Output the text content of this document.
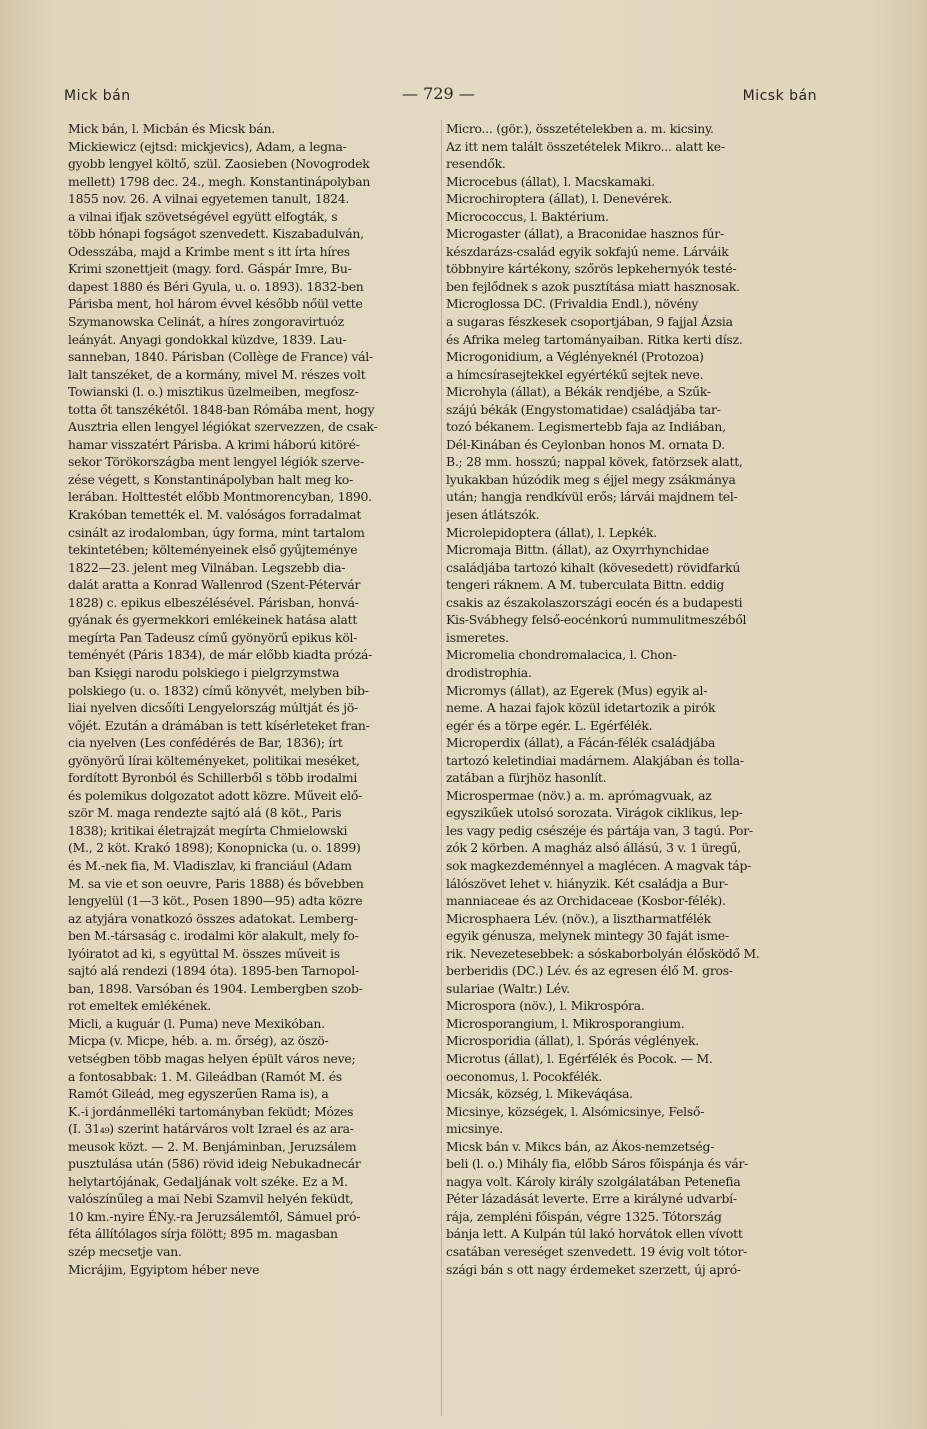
Mick bán	— 729 —	Micsk bán
Mick bán, l. Micbán és Micsk bán.
Mickiewicz (ejtsd: mickjevics), Adam, a legna-
gyobb lengyel költő, szül. Zaosieben (Novogrodek
mellett) 1798 dec. 24., megh. Konstantinápolyban
1855 nov. 26. A vilnai egyetemen tanult, 1824.
a vilnai ifjak szövetségével együtt elfogták, s
több hónapi fogságot szenvedett. Kiszabadulván,
Odesszába, majd a Krimbe ment s itt írta híres
Krimi szonettjeit (magy. ford. Gáspár Imre, Bu-
dapest 1880 és Béri Gyula, u. o. 1893). 1832-ben
Párisba ment, hol három évvel később nőül vette
Szymanowska Celinát, a híres zongoravirtuóz
leányát. Anyagi gondokkal küzdve, 1839. Lau-
sanneban, 1840. Párisban (Collège de France) vál-
lalt tanszéket, de a kormány, mivel M. részes volt
Towianski (l. o.) misztikus üzelmeiben, megfosz-
totta őt tanszékétől. 1848-ban Rómába ment, hogy
Ausztria ellen lengyel légiókat szervezzen, de csak-
hamar visszatért Párisba. A krimi háború kitöré-
sekor Törökországba ment lengyel légiók szerve-
zése végett, s Konstantinápolyban halt meg ko-
lerában. Holttestét előbb Montmorencyban, 1890.
Krakóban temették el. M. valóságos forradalmat
csinált az irodalomban, úgy forma, mint tartalom
tekintetében; költeményeinek első gyűjteménye
1822—23. jelent meg Vilnában. Legszebb dia-
dalát aratta a Konrad Wallenrod (Szent-Pétervár
1828) c. epikus elbeszélésével. Párisban, honvá-
gyának és gyermekkori emlékeinek hatása alatt
megírta Pan Tadeusz című gyönyörű epikus köl-
teményét (Páris 1834), de már előbb kiadta prózá-
ban Księgi narodu polskiego i pielgrzymstwa
polskiego (u. o. 1832) című könyvét, melyben bib-
liai nyelven dicsőíti Lengyelország múltját és jö-
vőjét. Ezután a drámában is tett kísérleteket fran-
cia nyelven (Les confédérés de Bar, 1836); írt
gyönyörű lírai költeményeket, politikai meséket,
fordított Byronból és Schillerből s több irodalmi
és polemikus dolgozatot adott közre. Műveit elő-
ször M. maga rendezte sajtó alá (8 köt., Paris
1838); kritikai életrajzát megírta Chmielowski
(M., 2 köt. Krakó 1898); Konopnicka (u. o. 1899)
és M.-nek fia, M. Vladiszlav, ki franciául (Adam
M. sa vie et son oeuvre, Paris 1888) és bővebben
lengyelül (1—3 köt., Posen 1890—95) adta közre
az atyjára vonatkozó összes adatokat. Lemberg-
ben M.-társaság c. irodalmi kör alakult, mely fo-
lyóiratot ad ki, s együttal M. összes műveit is
sajtó alá rendezi (1894 óta). 1895-ben Tarnopol-
ban, 1898. Varsóban és 1904. Lembergben szob-
rot emeltek emlékének.
Micli, a kuguár (l. Puma) neve Mexikóban.
Micpa (v. Micpe, héb. a. m. őrség), az öszö-
vetségben több magas helyen épült város neve;
a fontosabbak: 1. M. Gileádban (Ramót M. és
Ramót Gileád, meg egyszerűen Rama is), a
K.-i jordánmelléki tartományban feküdt; Mózes
(I. 31₄₉) szerint határváros volt Izrael és az ara-
meusok közt. — 2. M. Benjáminban, Jeruzsálem
pusztulása után (586) rövid ideig Nebukadnecár
helytartójának, Gedaljának volt széke. Ez a M.
valószínűleg a mai Nebi Szamvil helyén feküdt,
10 km.-nyire ÉNy.-ra Jeruzsálemtől, Sámuel pró-
féta állítólagos sírja fölött; 895 m. magasban
szép mecsetje van.
Micrájim, Egyiptom héber neve
Micro... (gör.), összetételekben a. m. kicsiny.
Az itt nem talált összetételek Mikro... alatt ke-
resendők.
Microcebus (állat), l. Macskamaki.
Microchiroptera (állat), l. Denevérek.
Micrococcus, l. Baktérium.
Microgaster (állat), a Braconidae hasznos fúr-
készdarázs-család egyik sokfajú neme. Lárváik
többnyire kártékony, szőrös lepkehernyók testé-
ben fejlődnek s azok pusztítása miatt hasznosak.
Microglossa DC. (Frivaldia Endl.), növény
a sugaras fészkesek csoportjában, 9 fajjal Ázsia
és Afrika meleg tartományaiban. Ritka kerti dísz.
Microgonidium, a Véglényeknél (Protozoa)
a hímcsírasejtekkel egyértékű sejtek neve.
Microhyla (állat), a Békák rendjébe, a Szűk-
szájú békák (Engystomatidae) családjába tar-
tozó békanem. Legismertebb faja az Indiában,
Dél-Kinában és Ceylonban honos M. ornata D.
B.; 28 mm. hosszú; nappal kövek, fatörzsek alatt,
lyukakban húzódik meg s éjjel megy zsákmánya
után; hangja rendkívül erős; lárvái majdnem tel-
jesen átlátszók.
Microlepidoptera (állat), l. Lepkék.
Micromaja Bittn. (állat), az Oxyrrhynchidae
családjába tartozó kihalt (kövesedett) rövidfarkú
tengeri ráknem. A M. tuberculata Bittn. eddig
csakis az északolaszországi eocén és a budapesti
Kis-Svábhegy felső-eocénkorú nummulitmeszéből
ismeretes.
Micromelia chondromalacica, l. Chon-
drodistrophia.
Micromys (állat), az Egerek (Mus) egyik al-
neme. A hazai fajok közül idetartozik a pirók
egér és a törpe egér. L. Egérfélék.
Microperdix (állat), a Fácán-félék családjába
tartozó keletindiai madárnem. Alakjában és tolla-
zatában a fürjhöz hasonlít.
Microspermae (növ.) a. m. aprómagvuak, az
egyszikűek utolsó sorozata. Virágok ciklikus, lep-
les vagy pedig csészéje és pártája van, 3 tagú. Por-
zók 2 körben. A magház alsó állású, 3 v. 1 üregű,
sok magkezdeménnyel a maglécen. A magvak táp-
lálószövet lehet v. hiányzik. Két családja a Bur-
manniaceae és az Orchidaceae (Kosbor-félék).
Microsphaera Lév. (növ.), a lisztharmatfélék
egyik génusza, melynek mintegy 30 faját isme-
rik. Nevezetesebbek: a sóskaborbolyán élősködő M.
berberidis (DC.) Lév. és az egresen élő M. gros-
sulariae (Waltr.) Lév.
Microspora (növ.), l. Mikrospóra.
Microsporangium, l. Mikrosporangium.
Microsporidia (állat), l. Spórás véglények.
Microtus (állat), l. Egérfélék és Pocok. — M.
oeconomus, l. Pocokfélék.
Micsák, község, l. Mikeváqása.
Micsinye, községek, l. Alsómicsinye, Felső-
micsinye.
Micsk bán v. Mikcs bán, az Ákos-nemzetség-
beli (l. o.) Mihály fia, előbb Sáros főispánja és vár-
nagya volt. Károly király szolgálatában Petenefia
Péter lázadását leverte. Erre a királyné udvarbí-
rája, zempléni főispán, végre 1325. Tótország
bánja lett. A Kulpán túl lakó horvátok ellen vívott
csatában vereséget szenvedett. 19 évig volt tótor-
szági bán s ott nagy érdemeket szerzett, új apró-
